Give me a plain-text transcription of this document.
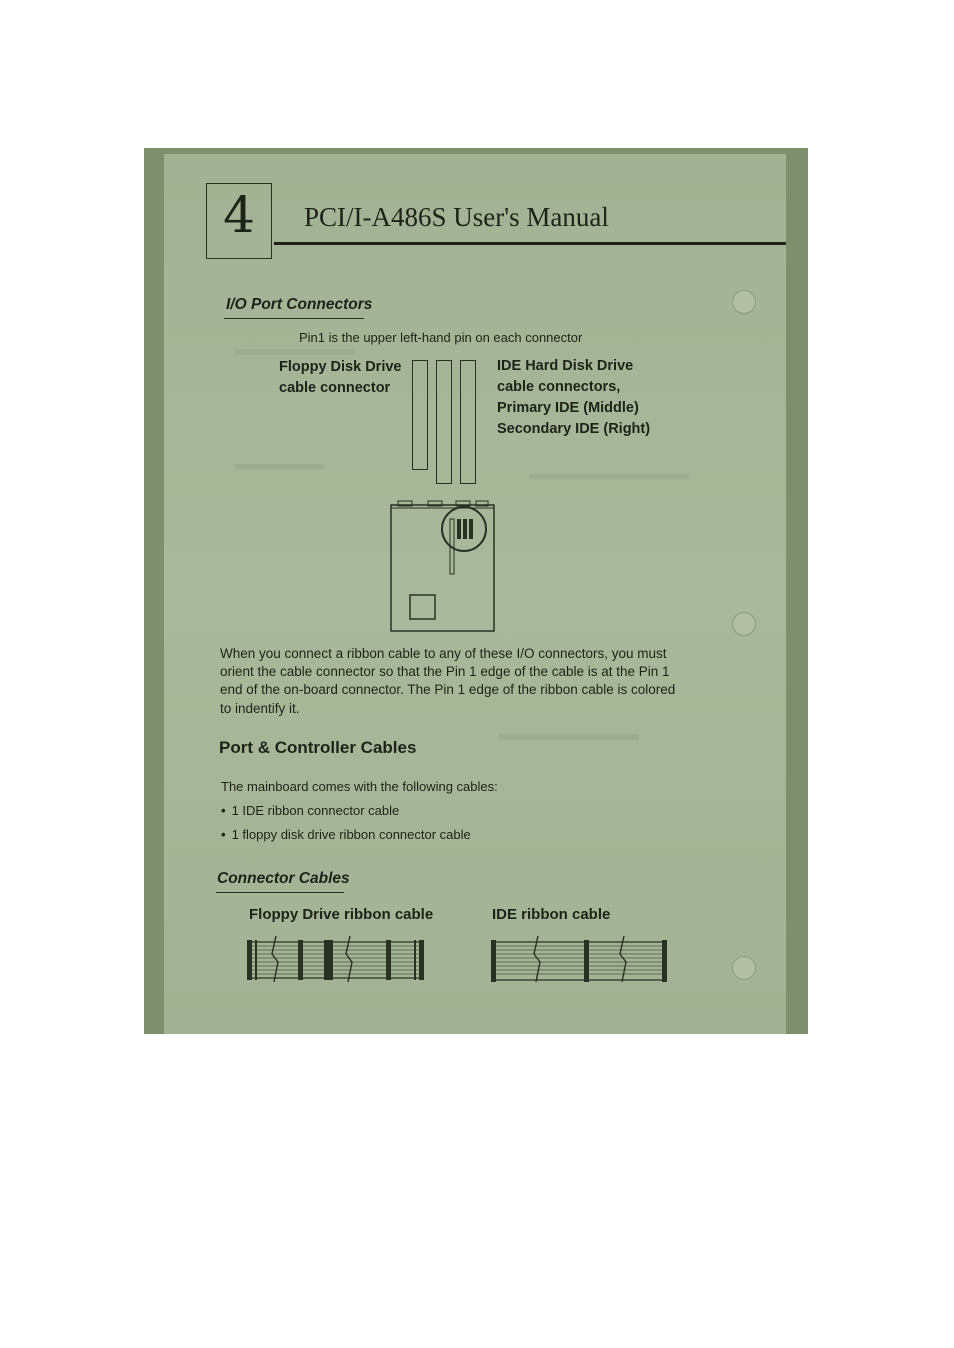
4	PCI/I-A486S User's Manual
I/O Port Connectors
Pin1 is the upper left-hand pin on each connector
Floppy Disk Drive
cable connector
IDE Hard Disk Drive
cable connectors,
Primary IDE (Middle)
Secondary IDE (Right)
When you connect a ribbon cable to any of these I/O connectors, you must orient the cable connector so that the Pin 1 edge of the cable is at the Pin 1 end of the on-board connector. The Pin 1 edge of the ribbon cable is colored to indentify it.
Port & Controller Cables
The mainboard comes with the following cables:
• 1 IDE ribbon connector cable
• 1 floppy disk drive ribbon connector cable
Connector Cables
Floppy Drive ribbon cable	IDE ribbon cable
